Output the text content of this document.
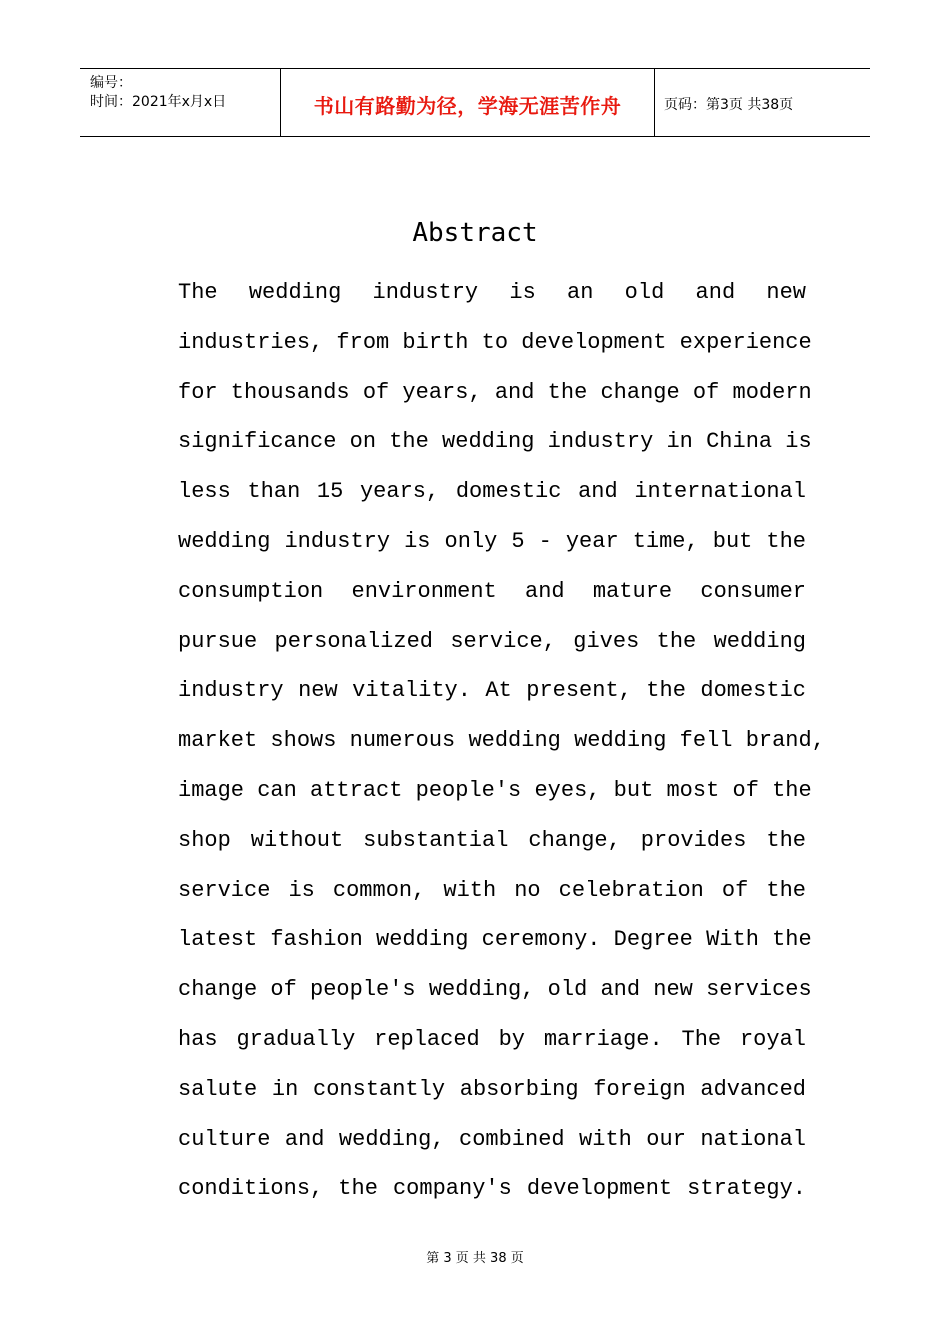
编号：
时间：2021年x月x日	书山有路勤为径，学海无涯苦作舟	页码：第3页 共38页
Abstract
The wedding industry is an old and new
industries, from birth to development experience
for thousands of years, and the change of modern
significance on the wedding industry in China is
less than 15 years, domestic and international
wedding industry is only 5 - year time, but the
consumption environment and mature consumer
pursue personalized service, gives the wedding
industry new vitality. At present, the domestic
market shows numerous wedding wedding fell brand,
image can attract people's eyes, but most of the
shop without substantial change, provides the
service is common, with no celebration of the
latest fashion wedding ceremony. Degree With the
change of people's wedding, old and new services
has gradually replaced by marriage. The royal
salute in constantly absorbing foreign advanced
culture and wedding, combined with our national
conditions, the company's development strategy.
第 3 页 共 38 页
